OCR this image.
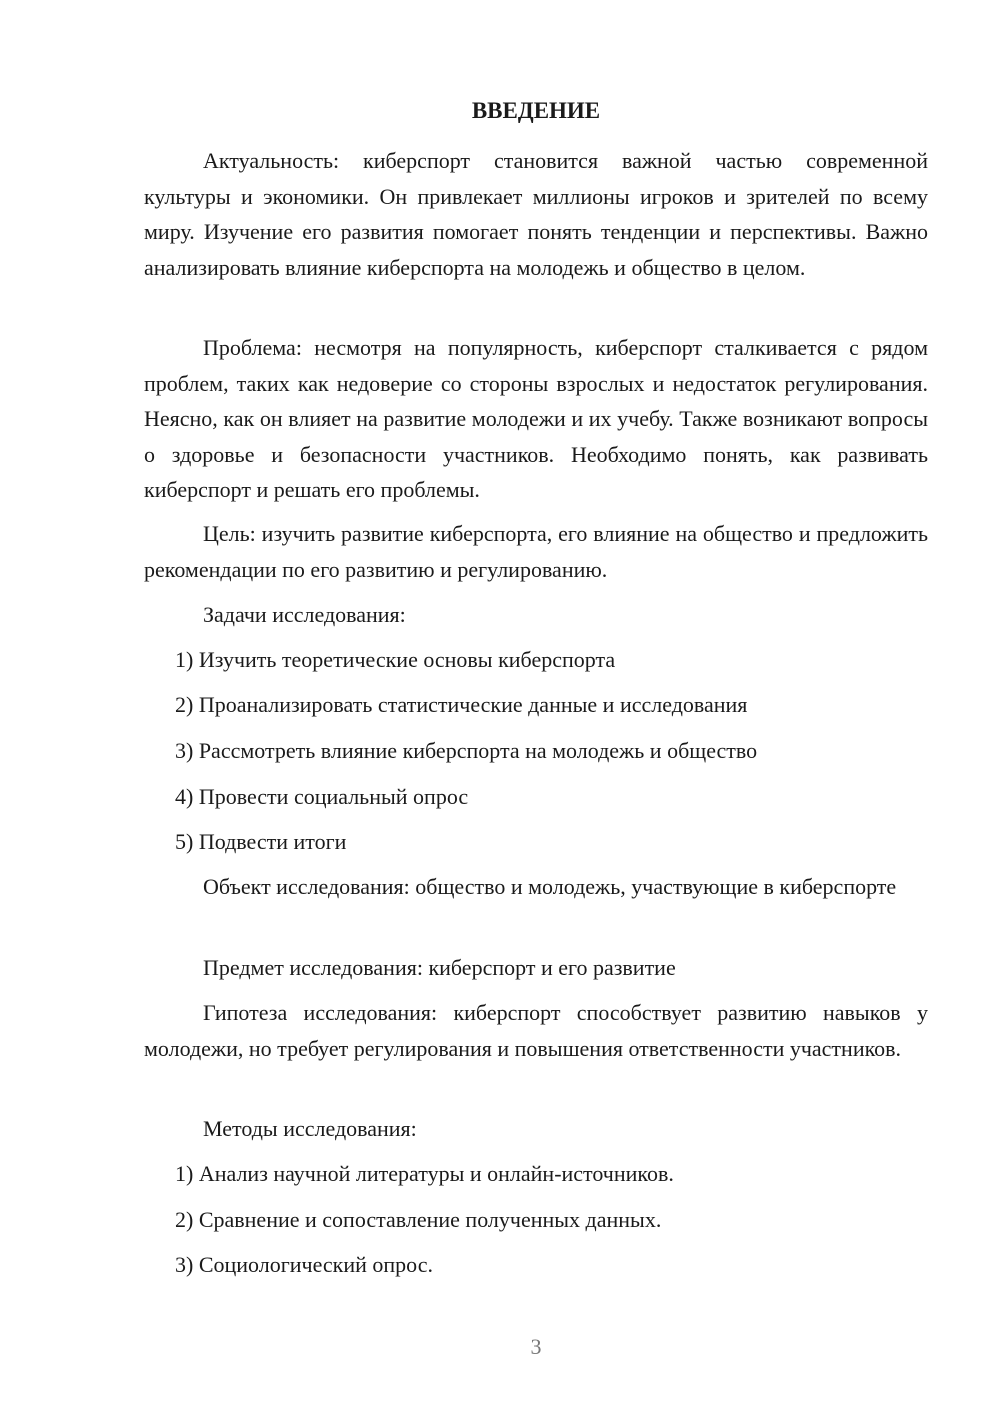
ВВЕДЕНИЕ

Актуальность: киберспорт становится важной частью современной культуры и экономики. Он привлекает миллионы игроков и зрителей по всему миру. Изучение его развития помогает понять тенденции и перспективы. Важно анализировать влияние киберспорта на молодежь и общество в целом.

Проблема: несмотря на популярность, киберспорт сталкивается с рядом проблем, таких как недоверие со стороны взрослых и недостаток регулирования. Неясно, как он влияет на развитие молодежи и их учебу. Также возникают вопросы о здоровье и безопасности участников. Необходимо понять, как развивать киберспорт и решать его проблемы.

Цель: изучить развитие киберспорта, его влияние на общество и предложить рекомендации по его развитию и регулированию.

Задачи исследования:

1) Изучить теоретические основы киберспорта

2) Проанализировать статистические данные и исследования

3) Рассмотреть влияние киберспорта на молодежь и общество

4) Провести социальный опрос

5) Подвести итоги

Объект исследования: общество и молодежь, участвующие в киберспорте

Предмет исследования: киберспорт и его развитие

Гипотеза исследования: киберспорт способствует развитию навыков у молодежи, но требует регулирования и повышения ответственности участников.

Методы исследования:

1) Анализ научной литературы и онлайн-источников.

2) Сравнение и сопоставление полученных данных.

3) Социологический опрос.

3
